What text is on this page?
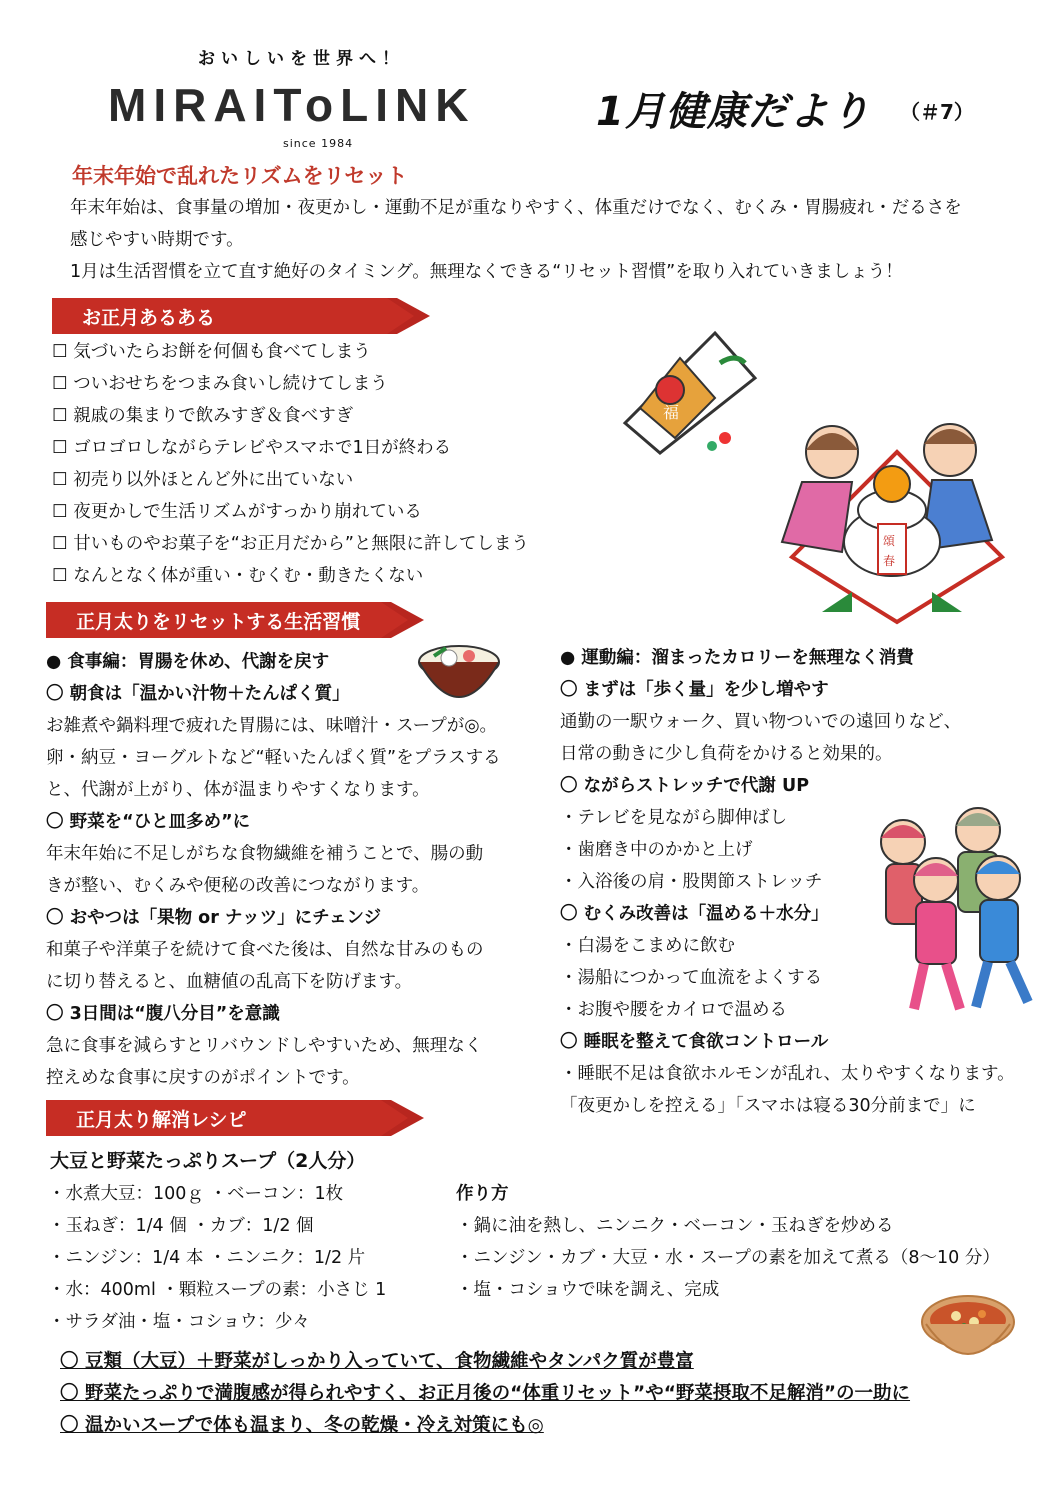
おいしいを世界へ！
MIRAIToLINK
since 1984
1月健康だより （＃7）
年末年始で乱れたリズムをリセット
年末年始は、食事量の増加・夜更かし・運動不足が重なりやすく、体重だけでなく、むくみ・胃腸疲れ・だるさを
感じやすい時期です。
1月は生活習慣を立て直す絶好のタイミング。無理なくできる“リセット習慣”を取り入れていきましょう！
お正月あるある
☐ 気づいたらお餅を何個も食べてしまう
☐ ついおせちをつまみ食いし続けてしまう
☐ 親戚の集まりで飲みすぎ＆食べすぎ
☐ ゴロゴロしながらテレビやスマホで1日が終わる
☐ 初売り以外ほとんど外に出ていない
☐ 夜更かしで生活リズムがすっかり崩れている
☐ 甘いものやお菓子を“お正月だから”と無限に許してしまう
☐ なんとなく体が重い・むくむ・動きたくない
福
頌
春
正月太りをリセットする生活習慣
● 食事編：胃腸を休め、代謝を戻す
〇 朝食は「温かい汁物＋たんぱく質」
お雑煮や鍋料理で疲れた胃腸には、味噌汁・スープが◎。
卵・納豆・ヨーグルトなど“軽いたんぱく質”をプラスする
と、代謝が上がり、体が温まりやすくなります。
〇 野菜を“ひと皿多め”に
年末年始に不足しがちな食物繊維を補うことで、腸の動
きが整い、むくみや便秘の改善につながります。
〇 おやつは「果物 or ナッツ」にチェンジ
和菓子や洋菓子を続けて食べた後は、自然な甘みのもの
に切り替えると、血糖値の乱高下を防げます。
〇 3日間は“腹八分目”を意識
急に食事を減らすとリバウンドしやすいため、無理なく
控えめな食事に戻すのがポイントです。
● 運動編：溜まったカロリーを無理なく消費
〇 まずは「歩く量」を少し増やす
通勤の一駅ウォーク、買い物ついでの遠回りなど、
日常の動きに少し負荷をかけると効果的。
〇 ながらストレッチで代謝 UP
・テレビを見ながら脚伸ばし
・歯磨き中のかかと上げ
・入浴後の肩・股関節ストレッチ
〇 むくみ改善は「温める＋水分」
・白湯をこまめに飲む
・湯船につかって血流をよくする
・お腹や腰をカイロで温める
〇 睡眠を整えて食欲コントロール
・睡眠不足は食欲ホルモンが乱れ、太りやすくなります。
「夜更かしを控える」「スマホは寝る30分前まで」に
正月太り解消レシピ
大豆と野菜たっぷりスープ（2人分）
・水煮大豆：100ｇ ・ベーコン：1枚
・玉ねぎ：1/4 個 ・カブ：1/2 個
・ニンジン：1/4 本 ・ニンニク：1/2 片
・水：400ml ・顆粒スープの素：小さじ 1
・サラダ油・塩・コショウ：少々
作り方
・鍋に油を熱し、ニンニク・ベーコン・玉ねぎを炒める
・ニンジン・カブ・大豆・水・スープの素を加えて煮る（8～10 分）
・塩・コショウで味を調え、完成
〇 豆類（大豆）＋野菜がしっかり入っていて、食物繊維やタンパク質が豊富
〇 野菜たっぷりで満腹感が得られやすく、お正月後の“体重リセット”や“野菜摂取不足解消”の一助に
〇 温かいスープで体も温まり、冬の乾燥・冷え対策にも◎
